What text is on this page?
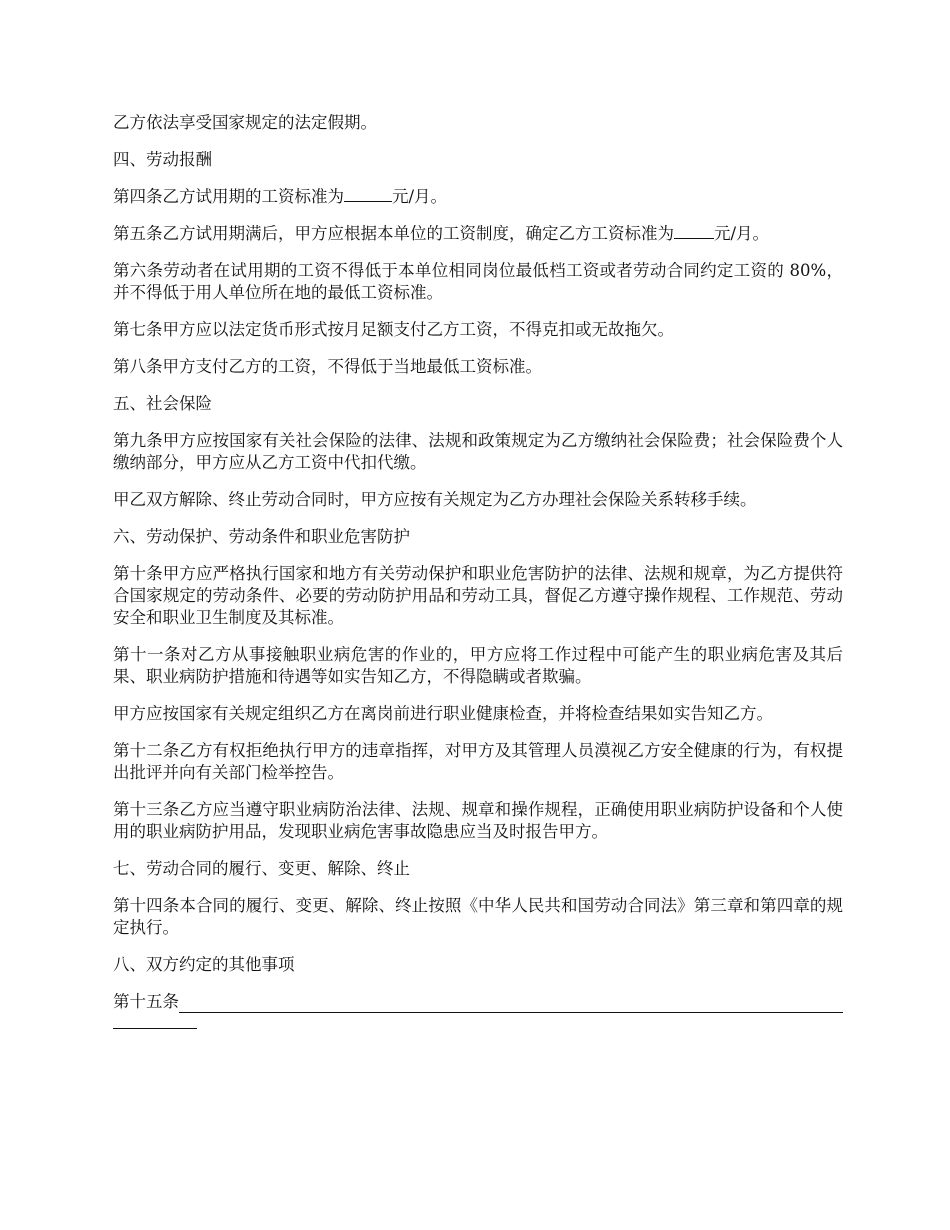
乙方依法享受国家规定的法定假期。

四、劳动报酬

第四条乙方试用期的工资标准为	元/月。

第五条乙方试用期满后，甲方应根据本单位的工资制度，确定乙方工资标准为 元/月。

第六条劳动者在试用期的工资不得低于本单位相同岗位最低档工资或者劳动合同约定工资的 80%，并不得低于用人单位所在地的最低工资标准。

第七条甲方应以法定货币形式按月足额支付乙方工资，不得克扣或无故拖欠。

第八条甲方支付乙方的工资，不得低于当地最低工资标准。

五、社会保险

第九条甲方应按国家有关社会保险的法律、法规和政策规定为乙方缴纳社会保险费；社会保险费个人缴纳部分，甲方应从乙方工资中代扣代缴。

甲乙双方解除、终止劳动合同时，甲方应按有关规定为乙方办理社会保险关系转移手续。

六、劳动保护、劳动条件和职业危害防护

第十条甲方应严格执行国家和地方有关劳动保护和职业危害防护的法律、法规和规章，为乙方提供符合国家规定的劳动条件、必要的劳动防护用品和劳动工具，督促乙方遵守操作规程、工作规范、劳动安全和职业卫生制度及其标准。

第十一条对乙方从事接触职业病危害的作业的，甲方应将工作过程中可能产生的职业病危害及其后果、职业病防护措施和待遇等如实告知乙方，不得隐瞒或者欺骗。

甲方应按国家有关规定组织乙方在离岗前进行职业健康检查，并将检查结果如实告知乙方。

第十二条乙方有权拒绝执行甲方的违章指挥，对甲方及其管理人员漠视乙方安全健康的行为，有权提出批评并向有关部门检举控告。

第十三条乙方应当遵守职业病防治法律、法规、规章和操作规程，正确使用职业病防护设备和个人使用的职业病防护用品，发现职业病危害事故隐患应当及时报告甲方。

七、劳动合同的履行、变更、解除、终止

第十四条本合同的履行、变更、解除、终止按照《中华人民共和国劳动合同法》第三章和第四章的规定执行。

八、双方约定的其他事项

第十五条
